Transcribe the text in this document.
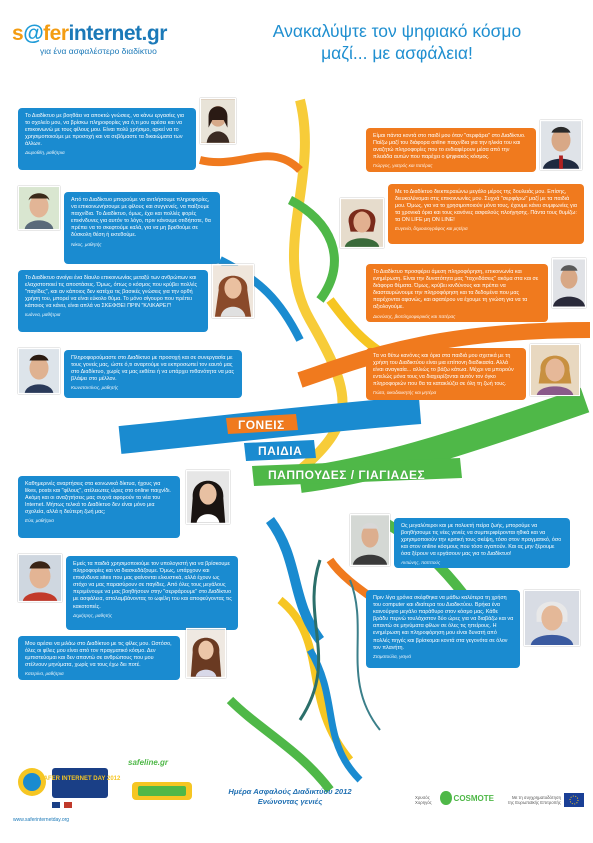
s@ferinternet.gr
για ένα ασφαλέστερο διαδίκτυο
Ανακαλύψτε τον ψηφιακό κόσμο
μαζί... με ασφάλεια!
ΓΟΝΕΙΣ
ΠΑΙΔΙΑ
ΠΑΠΠΟΥΔΕΣ / ΓΙΑΓΙΑΔΕΣ
Το Διαδίκτυο με βοηθάει να αποκτώ γνώσεις, να κάνω εργασίες για το σχολείο μου, να βρίσκω πληροφορίες για ό,τι μου αρέσει και να επικοινωνώ με τους φίλους μου. Είναι πολύ χρήσιμο, αρκεί να το χρησιμοποιούμε με προσοχή και να σεβόμαστε τα δικαιώματα των άλλων.
Δωροθέη, μαθήτρια
Από το Διαδίκτυο μπορούμε να αντλήσουμε πληροφορίες, να επικοινωνήσουμε με φίλους και συγγενείς, να παίξουμε παιχνίδια. Το Διαδίκτυο, όμως, έχει και πολλές φορές επικίνδυνες για αυτόν το λόγο, πριν κάνουμε οτιδήποτε, θα πρέπει να το σκεφτούμε καλά, για να μη βρεθούμε σε δύσκολη θέση ή εκτεθούμε.
Νίκος, μαθητής
Το Διαδίκτυο ανοίγει ένα δίαυλο επικοινωνίας μεταξύ των ανθρώπων και ελαχιστοποιεί τις αποστάσεις. Όμως, όπως ο κόσμος που κρύβει πολλές "παγίδες", και αν κάποιος δεν κατέχει τις βασικές γνώσεις για την ορθή χρήση του, μπορεί να είναι εύκολο θύμα. Το μόνο σίγουρο που πρέπει κάποιος να κάνει, είναι απλά να ΣΚΕΦΘΕΙ ΠΡΙΝ "ΚΛΙΚΑΡΕΙ"!
Ιωάννα, μαθήτρια
Πληροφορούμαστε στο Διαδίκτυο με προσοχή και σε συνεργασία με τους γονείς μας, ώστε ό,τι αναρτούμε να εκπροσωπεί τον εαυτό μας στο Διαδίκτυο, χωρίς να μας εκθέτει ή να υπάρχει πιθανότητα να μας βλάψει στο μέλλον.
Κωνσταντίνος, μαθητής
Καθημερινές αναρτήσεις στα κοινωνικά δίκτυα, ήχους για likes, posts και "φίλους", ατέλειωτες ώρες στο online παιχνίδι. Ακόμη και οι αναζητήσεις μας συχνά αφορούν τα νέα του Internet. Μήπως τελικά το Διαδίκτυο δεν είναι μόνο μια σχολεία, αλλά η δεύτερη ζωή μας;
Εύα, μαθήτρια
Εμείς τα παιδιά χρησιμοποιούμε τον υπολογιστή για να βρίσκουμε πληροφορίες και να διασκεδάζουμε. Όμως, υπάρχουν και επικίνδυνα sites που μας φαίνονται ελκυστικά, αλλά έχουν ως στόχο να μας παρασύρουν σε παγίδες. Από όλες τους μεγάλους περιμένουμε να μας βοηθήσουν στην "σερφάρουμε" στο Διαδίκτυο με ασφάλεια, απολαμβάνοντας το ωφέλη του και αποφεύγοντας τις κακοτοπιές.
Δημήτρης, μαθητής
Μου αρέσει να μιλάω στο Διαδίκτυο με τις φίλες μου. Ωστόσο, όλες οι φίλες μου είναι από τον πραγματικό κόσμο. Δεν εμπιστεύομαι και δεν απαντώ σε ανθρώπους που μου στέλνουν μηνύματα, χωρίς να τους έχω δει ποτέ.
Κατερίνα, μαθήτρια
Είμαι πάντα κοντά στο παιδί μου όταν "σερφάρει" στο Διαδίκτυο. Παίζω μαζί του διάφορα online παιχνίδια για την ηλικία του και αναζητώ πληροφορίες που το ενδιαφέρουν μέσα από την πλειάδα αυτών που παρέχει ο ψηφιακός κόσμος.
Γιώργος, γιατρός και πατέρας
Με το Διαδίκτυο διεκπεραιώνω μεγάλο μέρος της δουλειάς μου. Επίσης, διευκολύνομαι στις επικοινωνίες μου. Συχνά "σερφάρω" μαζί με τα παιδιά μου. Όμως, για να το χρησιμοποιούν μόνα τους, έχουμε κάνει συμφωνίες για τα χρονικά όρια και τους κανόνες ασφαλούς πλοήγησης. Πάντα τους θυμίζω: τα ON LIFE μη ON LINE!
Ευγενία, δημοσιογράφος και μητέρα
Το Διαδίκτυο προσφέρει άμεση πληροφόρηση, επικοινωνία και ενημέρωση. Είναι την δυνατότητα μας "ταχνιδάσεις" ακόμα στα και σε διάφορα θέματα. Όμως, κρύβει κινδύνους και πρέπει να διασταυρώνουμε την πληροφόρηση και τα δεδομένα που μας παρέχονται αφανώς, και αφατέρου να έχουμε τη γνώση για να τα αξιολογούμε.
Διονύσης, βιοπληροφορικός και πατέρας
Τα να θέτω κανόνες και όρια στα παιδιά μου σχετικά με τη χρήση του Διαδικτύου είναι μια επίπονη διαδικασία. Αλλά είναι αναγκαία... αλλιώς το βάζω κάτωα. Μέχρι να μπορούν εντελώς μόνα τους να διαχειρίζονται αυτόν τον όγκο πληροφοριών που θα τα κατακλύζει σε όλη τη ζωή τους.
Γιώτα, οικοδιοικητής και μητέρα
Ως μεγαλύτεροι και με πολυετή πείρα ζωής, μπορούμε να βοηθήσουμε τις νέες γενιές να συμπεριφέρονται ηθικά και να χρησιμοποιούν την κριτική τους σκέψη, τόσο στον πραγματικό, όσο και στον online κόσμους που τόσο αγαπούν. Και ας μην ξέρουμε όσα ξέρουν να εργάσουν μας για το Διαδίκτυο!
Αντώνης, παππούς
Πριν λίγα χρόνια σκέφθηκα να μάθω καλύτερα τη χρήση του computer και ιδιαίτερα του Διαδικτύου. Βρήκα ένα καινούργιο μεγάλο παράθυρο στον κόσμο μας. Κάθε βράδυ περνώ τουλάχιστον δύο ώρες για να διαβάζω και να απαντώ σε μηνύματα φίλων σε όλες τις ηπείρους. Η ενημέρωση και πληροφόρηση μου είναι δυνατή από πολλές πηγές και βρίσκομαι κοντά στα γεγονότα σε όλον τον πλανήτη.
Σταματούλα, γιαγιά
SAFER INTERNET DAY 2012
www.saferinternetday.org
safeline.gr
Ημέρα Ασφαλούς Διαδικτύου 2012
Ενώνοντας γενιές	Χρυσός Χορηγός	COSMOTE	Με τη συγχρηματοδότηση της Ευρωπαϊκής Επιτροπής
